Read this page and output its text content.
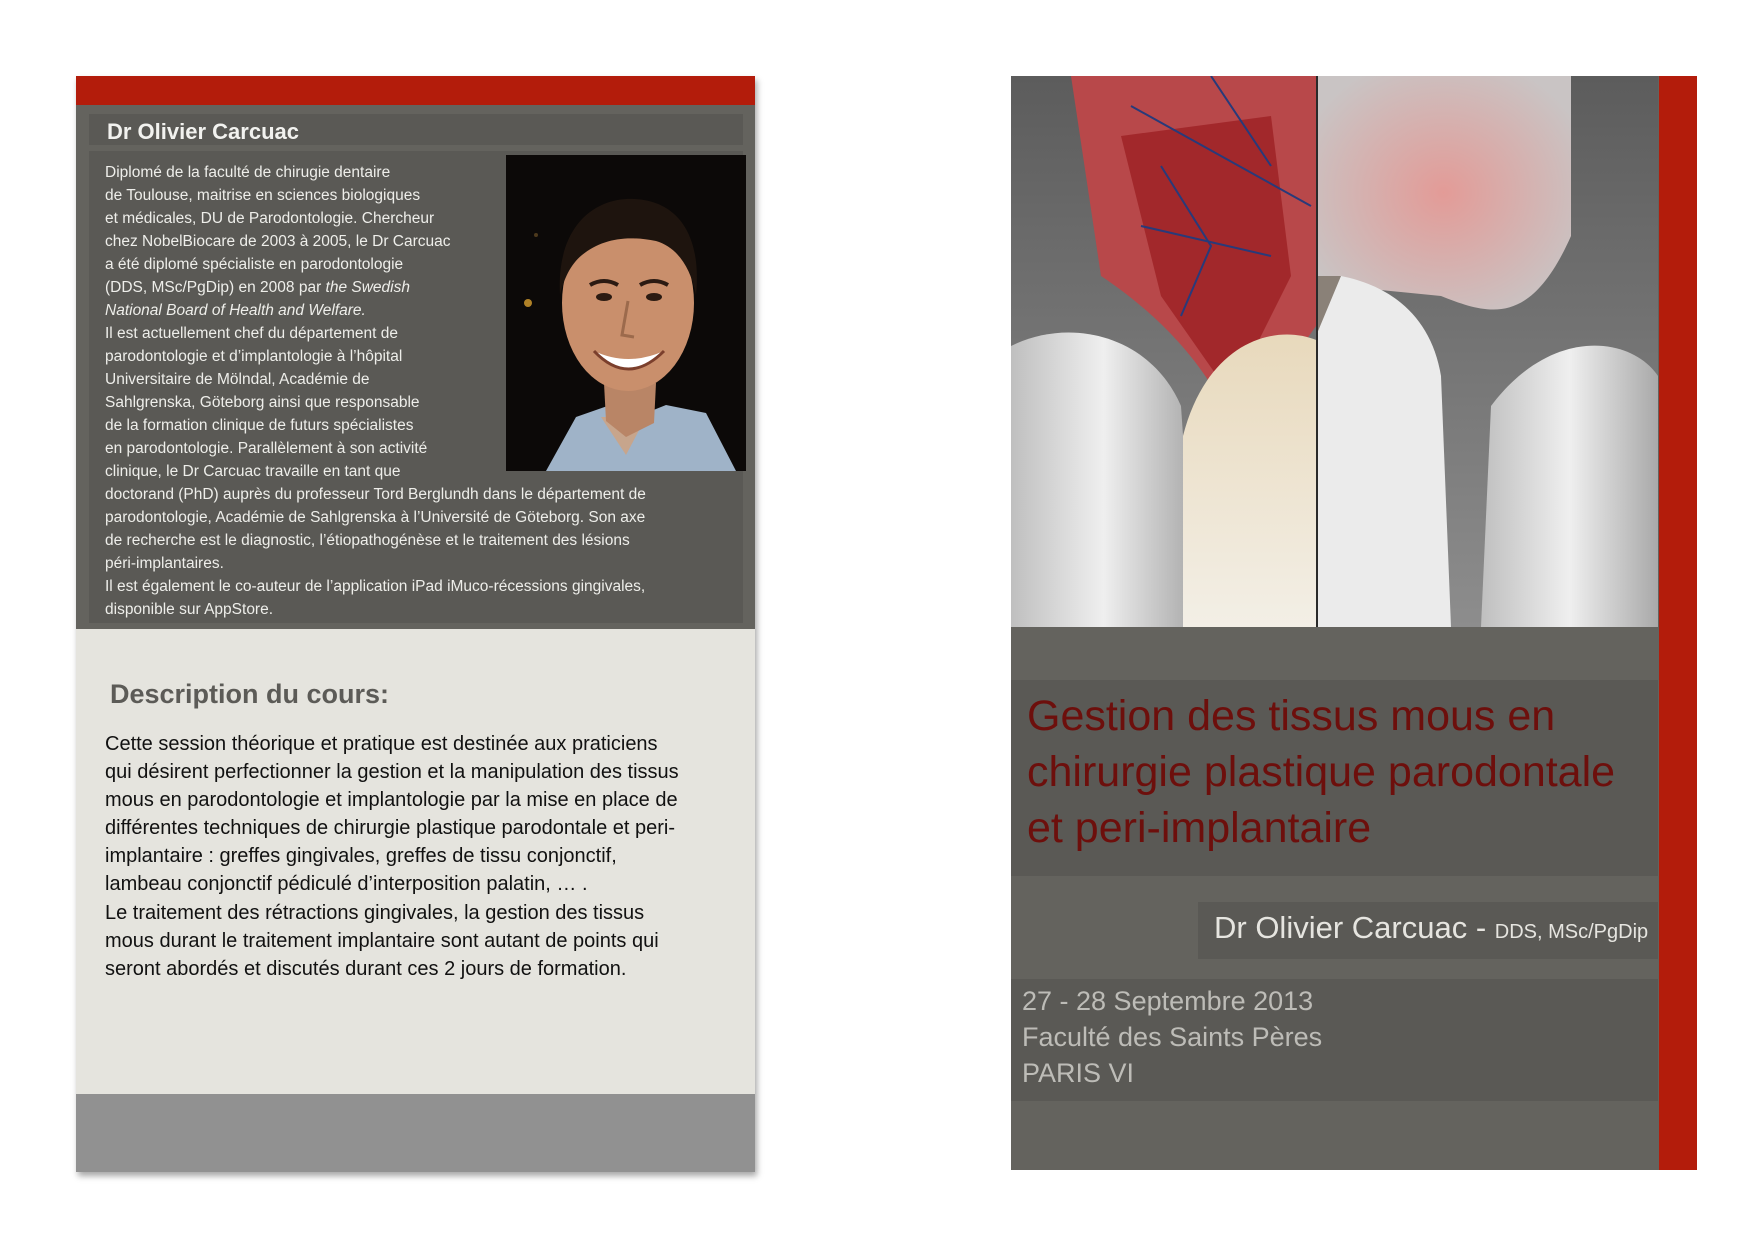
Dr Olivier Carcuac
Diplomé de la faculté de chirugie dentaire
de Toulouse, maitrise en sciences biologiques
et médicales, DU de Parodontologie. Chercheur
chez NobelBiocare de 2003 à 2005, le Dr Carcuac
a été diplomé spécialiste en parodontologie
(DDS, MSc/PgDip) en 2008 par the Swedish
National Board of Health and Welfare.
Il est actuellement chef du département de
parodontologie et d’implantologie à l’hôpital
Universitaire de Mölndal, Académie de
Sahlgrenska, Göteborg ainsi que responsable
de la formation clinique de futurs spécialistes
en parodontologie. Parallèlement à son activité
clinique, le Dr Carcuac travaille en tant que
doctorand (PhD) auprès du professeur Tord Berglundh dans le département de
parodontologie, Académie de Sahlgrenska à l’Université de Göteborg. Son axe
de recherche est le diagnostic, l’étiopathogénèse et le traitement des lésions
péri-implantaires.
Il est également le co-auteur de l’application iPad iMuco-récessions gingivales,
disponible sur AppStore.
Description du cours:
Cette session théorique et pratique est destinée aux praticiens
qui désirent perfectionner la gestion et la manipulation des tissus
mous en parodontologie et implantologie par la mise en place de
différentes techniques de chirurgie plastique parodontale et peri-
implantaire : greffes gingivales, greffes de tissu conjonctif,
lambeau conjonctif pédiculé d’interposition palatin, … .
Le traitement des rétractions gingivales, la gestion des tissus
mous durant le traitement implantaire sont autant de points qui
seront abordés et discutés durant ces 2 jours de formation.
Gestion des tissus mous en
chirurgie plastique parodontale
et peri-implantaire
Dr Olivier Carcuac - DDS, MSc/PgDip
27 - 28 Septembre 2013
Faculté des Saints Pères
PARIS VI
